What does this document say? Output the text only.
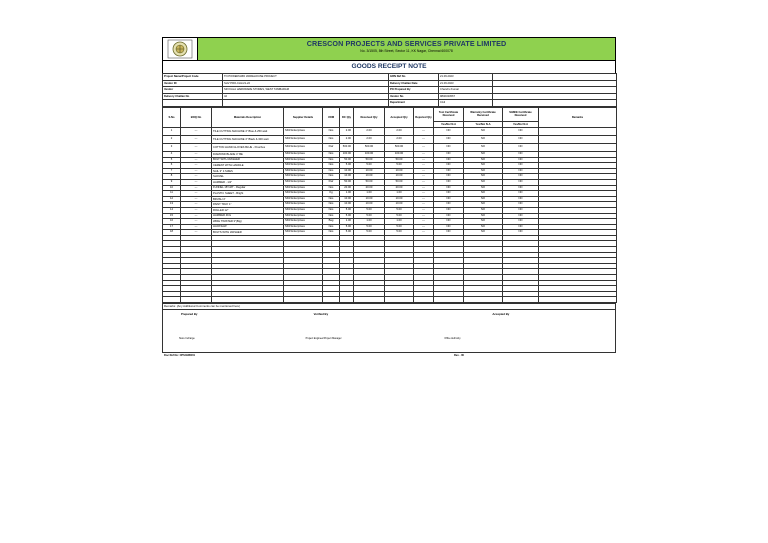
CRESCON PROJECTS AND SERVICES PRIVATE LIMITED
No. 3/1505, 8th Street, Sector 11, KK Nagar, Chennai 600078
GOODS RECEIPT NOTE
Project Name/Project Code	TN POWERGRID WAREHOUSE PROJECT	GRN Ref No	21.09.2023	
Vendor ID	SHV PRO-CHL/21-22	Delivery Challan Date	21.09.2023	
Vendor	SRI KALA HARDWARE STORES, WEST TAMBARAM	PO Prepared By	Chandru Kumar	
Delivery Challan No	42	Vendor No	9840434567	
		Department	Civil	
S.No	BOQ No	Materials Description	Supplier Details	UOM	DC Qty	Received Qty	Accepted Qty	Rejected Qty	Test Certificate Received	Warranty Certificate Received	SHM/E Certificate Received	Remarks
									Yes/No/ N.A	Yes/No/ N.A	Yes/No/ N.A	
1	---	TILE CUTTING MACHINE 4" Blue & 250 watt	SKR Enterprises	Nos	2.00	2.00	2.00	---	NO	NO	NO	
2	---	TILE CUTTING MACHINE 4" Black & 300 watt	SKR Enterprises	Nos	2.00	2.00	2.00	---	NO	NO	NO	
3	---	COTTON HAND GLOVES BLUE - Pouches	SKR Enterprises	Pair	500.00	500.00	500.00	---	NO	NO	NO	
4	---	DIAMOND BLADE 4" BE	SKR Enterprises	Nos	100.00	100.00	100.00	---	NO	NO	NO	
5	---	BOLT WITH WASHER	SKR Enterprises	Nos	50.00	50.00	50.00	---	NO	NO	NO	
6	---	CEMENT WITH HANDLE	SKR Enterprises	Nos	5.00	5.00	5.00	---	NO	NO	NO	
7	---	NAIL 3" 4 SIZES	SKR Enterprises	Nos	10.00	10.00	10.00	---	NO	NO	NO	
8	---	SHOVEL	SKR Enterprises	Nos	10.00	10.00	10.00	---	NO	NO	NO	
9	---	HAMMER - 1/2"	SKR Enterprises	Pair	50.00	50.00	50.00	---	NO	NO	NO	
10	---	FUNNEL 18"x18" - Regular	SKR Enterprises	Nos	20.00	20.00	20.00	---	NO	NO	NO	
11	---	PLASTIC SHEET - Bright	SKR Enterprises	Kg	1.00	1.00	1.00	---	NO	NO	NO	
12	---	BRUSH 4"	SKR Enterprises	Nos	10.00	10.00	10.00	---	NO	NO	NO	
13	---	PAINT TRAY 1"	SKR Enterprises	Nos	10.00	10.00	10.00	---	NO	NO	NO	
14	---	ROLLER 12"	SKR Enterprises	Nos	5.00	5.00	5.00	---	NO	NO	NO	
15	---	HAMMER 4KG	SKR Enterprises	Nos	5.00	5.00	5.00	---	NO	NO	NO	
16	---	WIRE TWISTER 3"(Big)	SKR Enterprises	Bag	1.00	1.00	1.00	---	NO	NO	NO	
17	---	HACKSAW	SKR Enterprises	Nos	5.00	5.00	5.00	---	NO	NO	NO	
18	---	BOLTS WITH WASHER	SKR Enterprises	Nos	5.00	5.00	5.00	---	NO	NO	NO	

Remarks: (Any Additional Comments can be mentioned here)
Prepared By
Store Incharge
Verified By
Project Engineer/Project Manager
Accepted By
Office Authority
Doc Ref No: CPS/GRN/01	Rev - 00
